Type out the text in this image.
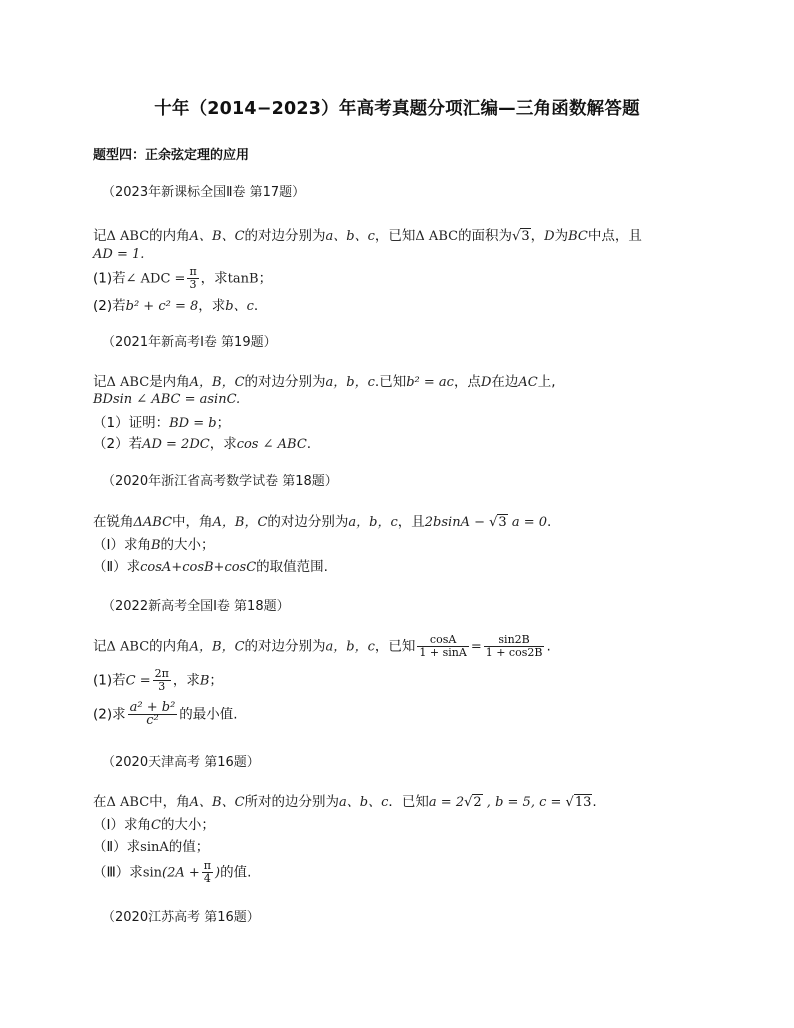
十年（2014−2023）年高考真题分项汇编—三角函数解答题
题型四：正余弦定理的应用
（2023年新课标全国Ⅱ卷 第17题）
记Δ ABC的内角A、B、C的对边分别为a、b、c，已知Δ ABC的面积为√3，D为BC中点，且
AD = 1.
(1)若∠ ADC = $\frac{\pi}{3}$ ，求tanB；
(2)若b² + c² = 8，求b、c.
（2021年新高考Ⅰ卷 第19题）
记Δ ABC是内角A，B，C的对边分别为a，b，c.已知b² = ac，点D在边AC上,
BDsin ∠ ABC = asinC.
（1）证明：BD = b；
（2）若AD = 2DC，求cos ∠ ABC.
（2020年浙江省高考数学试卷 第18题）
在锐角ΔABC中，角A，B，C的对边分别为a，b，c，且2bsinA − √3 a = 0.
（Ⅰ）求角B的大小；
（Ⅱ）求cosA+cosB+cosC的取值范围.
（2022新高考全国Ⅰ卷 第18题）
记Δ ABC的内角A，B，C的对边分别为a，b，c，已知 $\frac{\cos A}{1 + \sin A} = \frac{\sin 2B}{1 + \cos 2B}$ .
(1)若$C = \frac{2\pi}{3}$ ，求B；
(2)求 $\frac{\text{a² + b²}}{\text{c²}}$ 的最小值.
（2020天津高考 第16题）
在Δ ABC中，角A、B、C所对的边分别为a、b、c．已知a = 2√2 , b = 5, c = √13.
（Ⅰ）求角C的大小；
（Ⅱ）求sinA的值；
（Ⅲ）求$\sin(2A + \frac{\pi}{4}$ )的值.
（2020江苏高考 第16题）
